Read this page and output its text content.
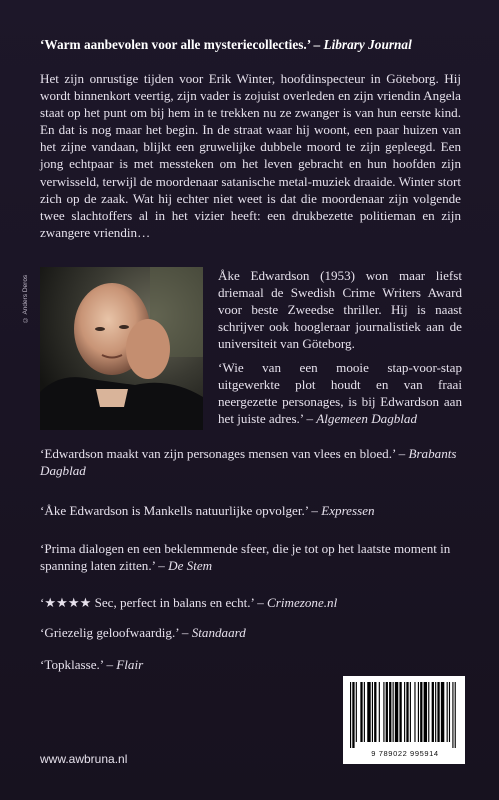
‘Warm aanbevolen voor alle mysteriecollecties.’ – Library Journal
Het zijn onrustige tijden voor Erik Winter, hoofdinspecteur in Göteborg. Hij wordt binnenkort veertig, zijn vader is zojuist overleden en zijn vriendin Angela staat op het punt om bij hem in te trekken nu ze zwanger is van hun eerste kind. En dat is nog maar het begin. In de straat waar hij woont, een paar huizen van het zijne vandaan, blijkt een gruwelijke dubbele moord te zijn gepleegd. Een jong echtpaar is met messteken om het leven gebracht en hun hoofden zijn verwisseld, terwijl de moordenaar satanische metal-muziek draaide. Winter stort zich op de zaak. Wat hij echter niet weet is dat die moordenaar zijn volgende twee slachtoffers al in het vizier heeft: een drukbezette politieman en zijn zwangere vriendin…
© Anders Deros	Åke Edwardson (1953) won maar liefst driemaal de Swedish Crime Writers Award voor beste Zweedse thriller. Hij is naast schrijver ook hoogleraar journalistiek aan de universiteit van Göteborg.
‘Wie van een mooie stap-voor-stap uitgewerkte plot houdt en van fraai neergezette personages, is bij Edwardson aan het juiste adres.’ – Algemeen Dagblad
‘Edwardson maakt van zijn personages mensen van vlees en bloed.’ – Brabants Dagblad
‘Åke Edwardson is Mankells natuurlijke opvolger.’ – Expressen
‘Prima dialogen en een beklemmende sfeer, die je tot op het laatste moment in spanning laten zitten.’ – De Stem
‘★★★★ Sec, perfect in balans en echt.’ – Crimezone.nl
‘Griezelig geloofwaardig.’ – Standaard
‘Topklasse.’ – Flair
9 789022 995914
www.awbruna.nl
